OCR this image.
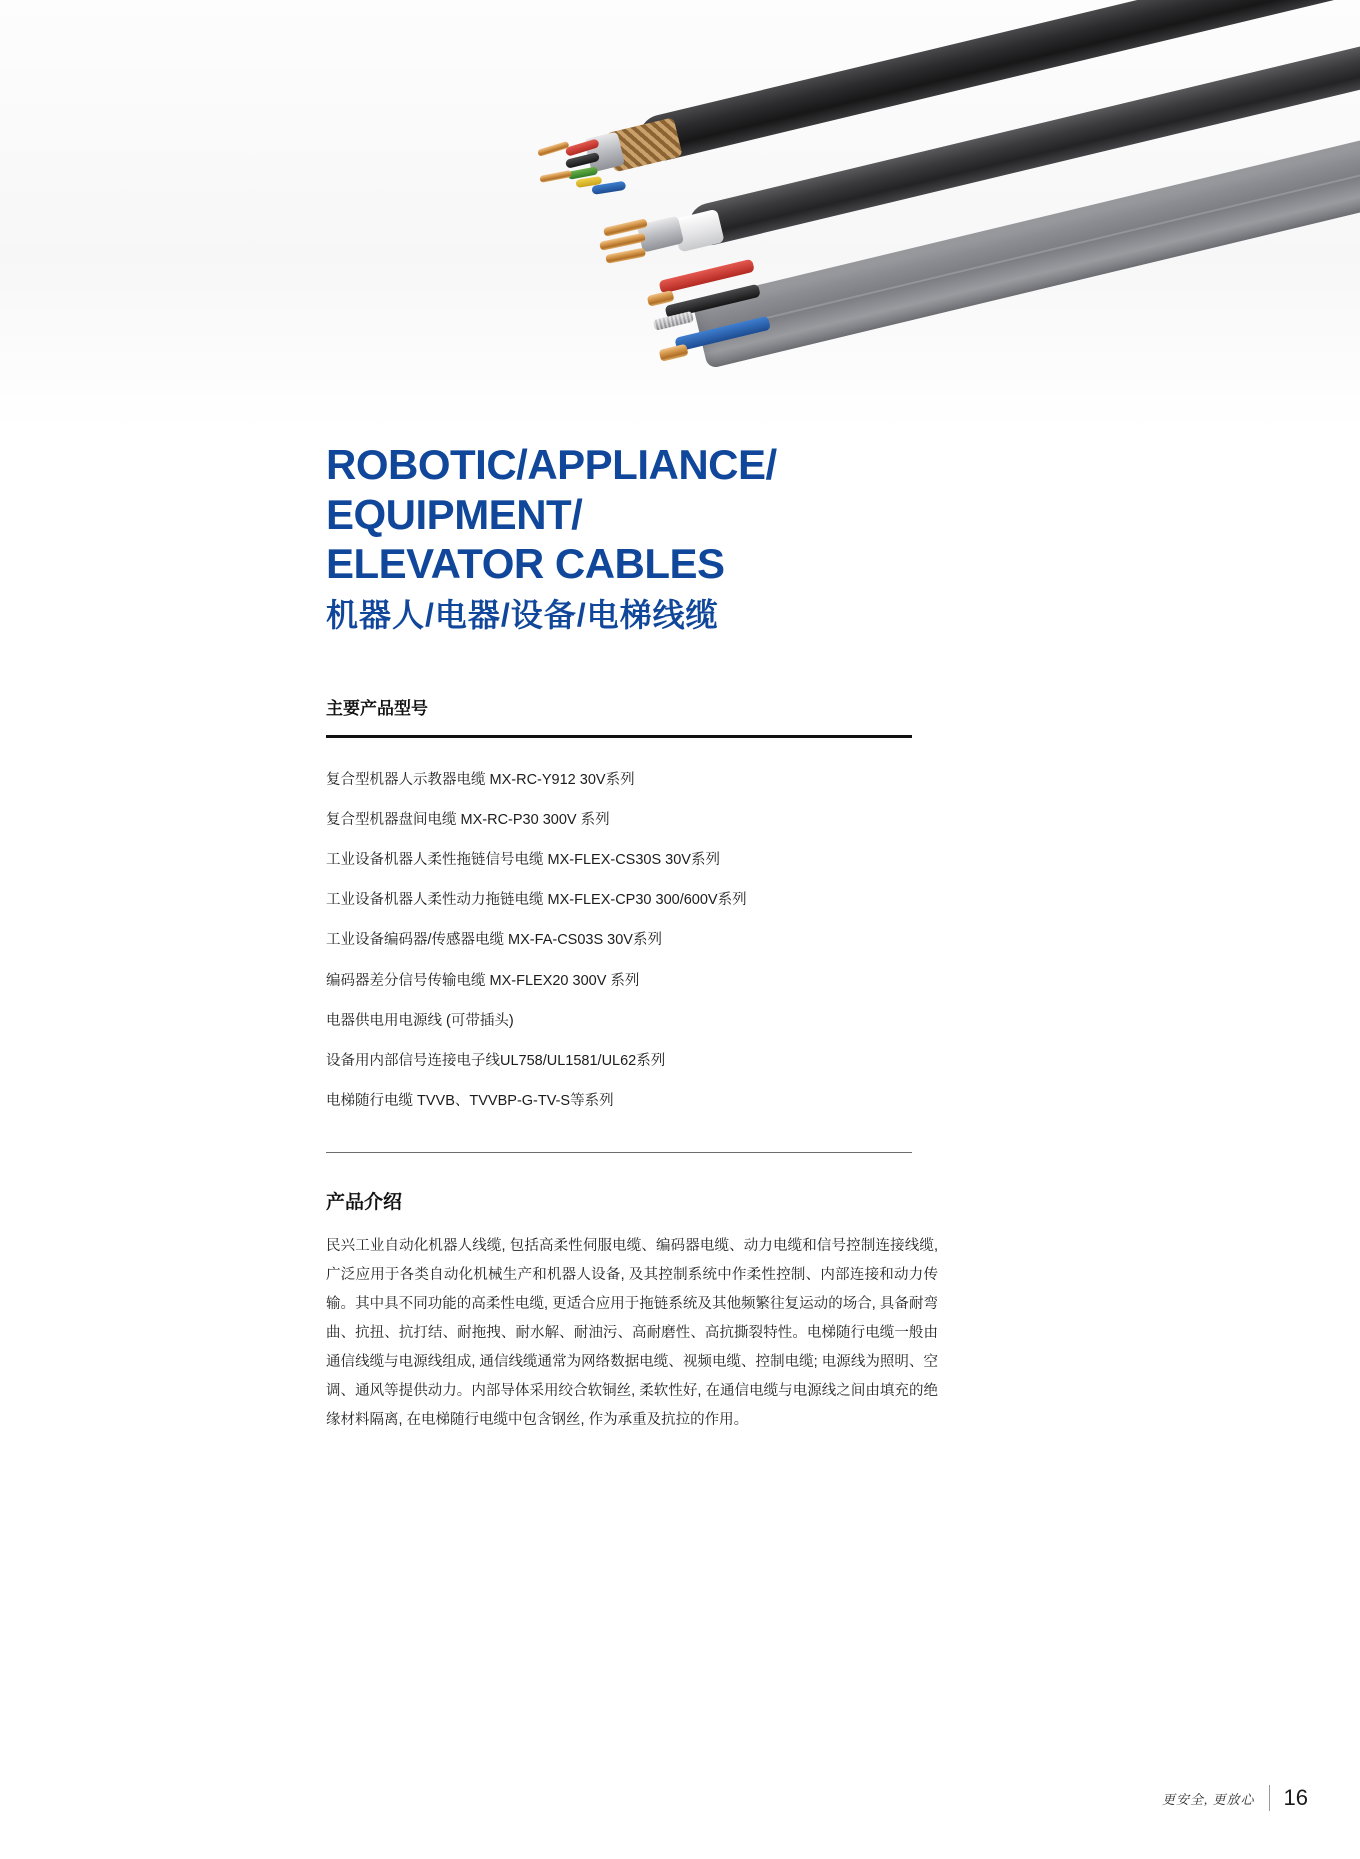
ROBOTIC/APPLIANCE/
EQUIPMENT/
ELEVATOR CABLES
机器人/电器/设备/电梯线缆
主要产品型号
复合型机器人示教器电缆 MX-RC-Y912 30V系列
复合型机器盘间电缆 MX-RC-P30 300V 系列
工业设备机器人柔性拖链信号电缆 MX-FLEX-CS30S 30V系列
工业设备机器人柔性动力拖链电缆 MX-FLEX-CP30 300/600V系列
工业设备编码器/传感器电缆 MX-FA-CS03S 30V系列
编码器差分信号传输电缆 MX-FLEX20 300V 系列
电器供电用电源线 (可带插头)
设备用内部信号连接电子线UL758/UL1581/UL62系列
电梯随行电缆 TVVB、TVVBP-G-TV-S等系列
产品介绍

民兴工业自动化机器人线缆, 包括高柔性伺服电缆、编码器电缆、动力电缆和信号控制连接线缆, 广泛应用于各类自动化机械生产和机器人设备, 及其控制系统中作柔性控制、内部连接和动力传输。其中具不同功能的高柔性电缆, 更适合应用于拖链系统及其他频繁往复运动的场合, 具备耐弯曲、抗扭、抗打结、耐拖拽、耐水解、耐油污、高耐磨性、高抗撕裂特性。电梯随行电缆一般由通信线缆与电源线组成, 通信线缆通常为网络数据电缆、视频电缆、控制电缆; 电源线为照明、空调、通风等提供动力。内部导体采用绞合软铜丝, 柔软性好, 在通信电缆与电源线之间由填充的绝缘材料隔离, 在电梯随行电缆中包含钢丝, 作为承重及抗拉的作用。

更安全, 更放心 16
